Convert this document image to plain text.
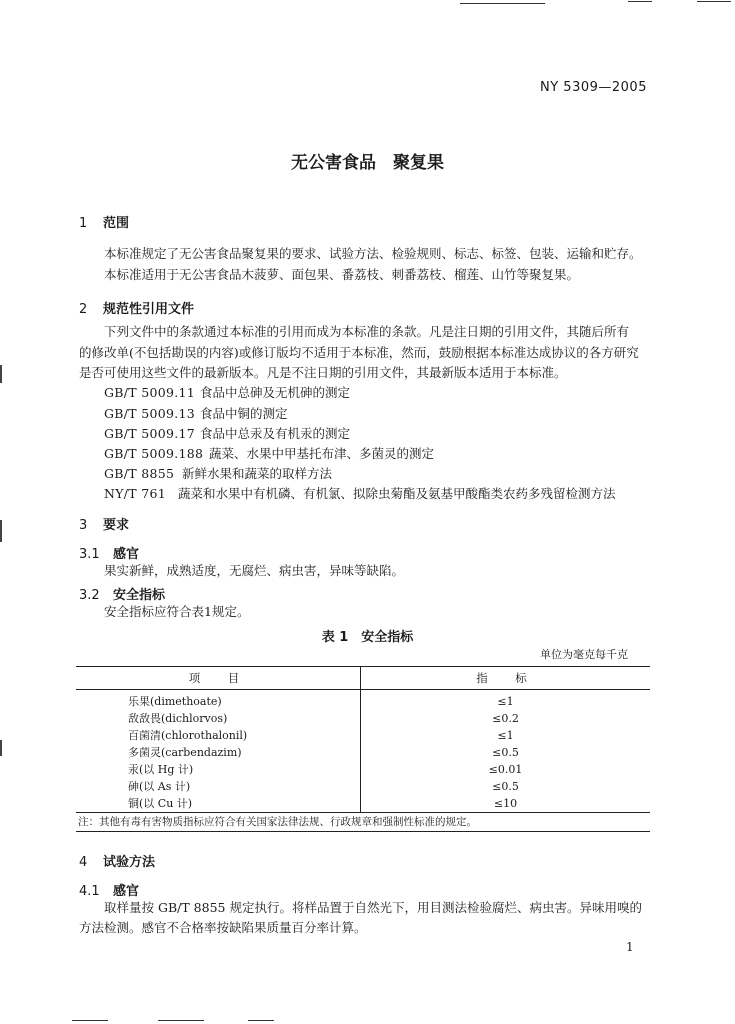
NY 5309—2005
无公害食品　聚复果
1 范围
本标准规定了无公害食品聚复果的要求、试验方法、检验规则、标志、标签、包装、运输和贮存。
本标准适用于无公害食品木菠萝、面包果、番荔枝、刺番荔枝、榴莲、山竹等聚复果。
2 规范性引用文件
下列文件中的条款通过本标准的引用而成为本标准的条款。凡是注日期的引用文件，其随后所有
的修改单(不包括勘误的内容)或修订版均不适用于本标准，然而，鼓励根据本标准达成协议的各方研究
是否可使用这些文件的最新版本。凡是不注日期的引用文件，其最新版本适用于本标准。
GB/T 5009.11 食品中总砷及无机砷的测定
GB/T 5009.13 食品中铜的测定
GB/T 5009.17 食品中总汞及有机汞的测定
GB/T 5009.188 蔬菜、水果中甲基托布津、多菌灵的测定
GB/T 8855 新鲜水果和蔬菜的取样方法
NY/T 761 蔬菜和水果中有机磷、有机氯、拟除虫菊酯及氨基甲酸酯类农药多残留检测方法
3 要求
3.1 感官
果实新鲜，成熟适度，无腐烂、病虫害，异味等缺陷。
3.2 安全指标
安全指标应符合表1规定。
表 1　安全指标
单位为毫克每千克
项　目	指　标
乐果(dimethoate)	≤1
敌敌畏(dichlorvos)	≤0.2
百菌清(chlorothalonil)	≤1
多菌灵(carbendazim)	≤0.5
汞(以 Hg 计)	≤0.01
砷(以 As 计)	≤0.5
铜(以 Cu 计)	≤10
注：其他有毒有害物质指标应符合有关国家法律法规、行政规章和强制性标准的规定。	
4 试验方法
4.1 感官
取样量按 GB/T 8855 规定执行。将样品置于自然光下，用目测法检验腐烂、病虫害。异味用嗅的
方法检测。感官不合格率按缺陷果质量百分率计算。
1
